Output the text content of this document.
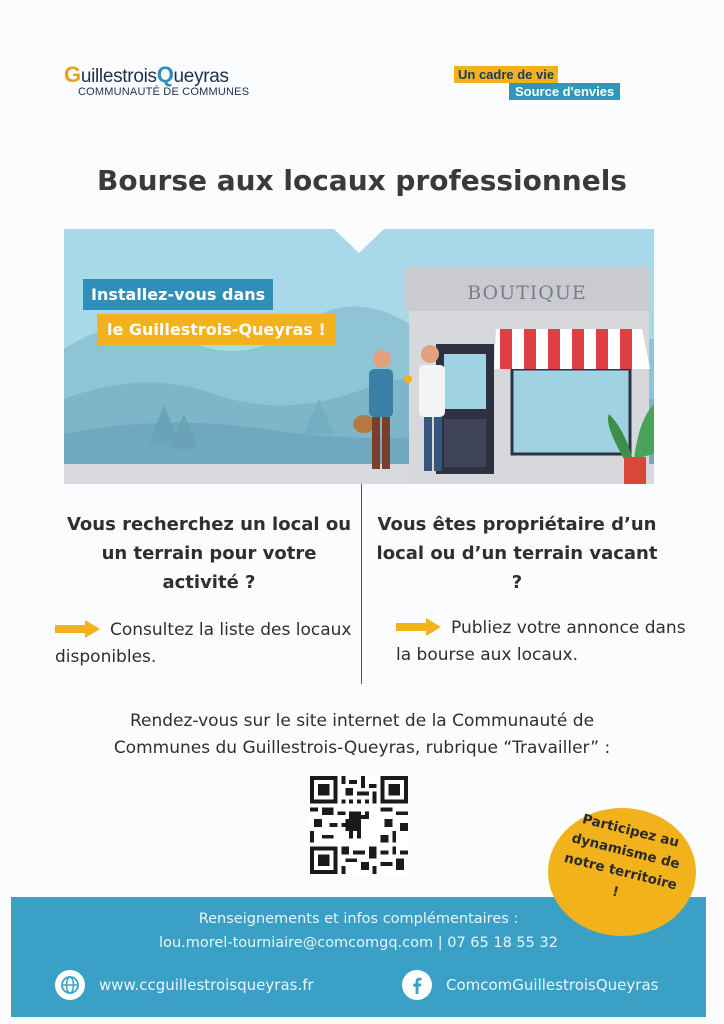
GuillestroisQueyras
COMMUNAUTÉ DE COMMUNES
Un cadre de vie
Source d'envies
Bourse aux locaux professionnels
Installez-vous dans
le Guillestrois-Queyras !
BOUTIQUE
Vous recherchez un local ou un terrain pour votre activité ?
Vous êtes propriétaire d’un local ou d’un terrain vacant ?
Consultez la liste des locaux disponibles.
Publiez votre annonce dans la bourse aux locaux.
Rendez-vous sur le site internet de la Communauté de Communes du Guillestrois-Queyras, rubrique “Travailler” :
Renseignements et infos complémentaires :
lou.morel-tourniaire@comcomgq.com | 07 65 18 55 32
www.ccguillestroisqueyras.fr	ComcomGuillestroisQueyras
Participez au dynamisme de notre territoire !
